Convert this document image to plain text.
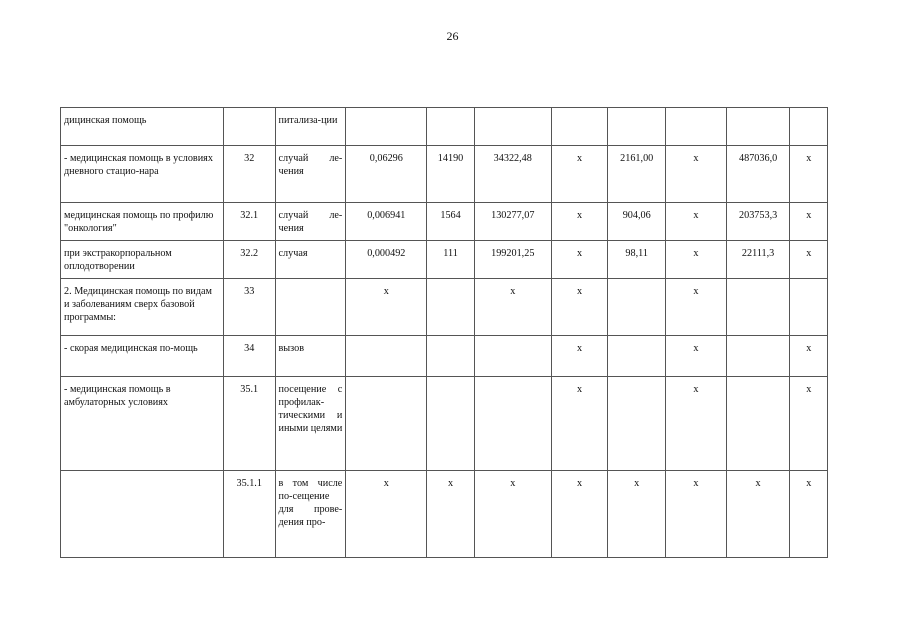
26
дицинская помощь		питализа-ции								
- медицинская помощь в условиях дневного стацио-нара	32	случай ле-чения	0,06296	14190	34322,48	х	2161,00	х	487036,0	х
медицинская помощь по профилю "онкология"	32.1	случай ле-чения	0,006941	1564	130277,07	х	904,06	х	203753,3	х
при экстракорпоральном оплодотворении	32.2	случая	0,000492	111	199201,25	х	98,11	х	22111,3	х
2. Медицинская помощь по видам и заболеваниям сверх базовой программы:	33		х		х	х		х		
- скорая медицинская по-мощь	34	вызов				х		х		х
- медицинская помощь в амбулаторных условиях	35.1	посещение с профилак-тическими и иными целями				х		х		х
	35.1.1	в том числе по-сещение для прове-дения про-	х	х	х	х	х	х	х	х
